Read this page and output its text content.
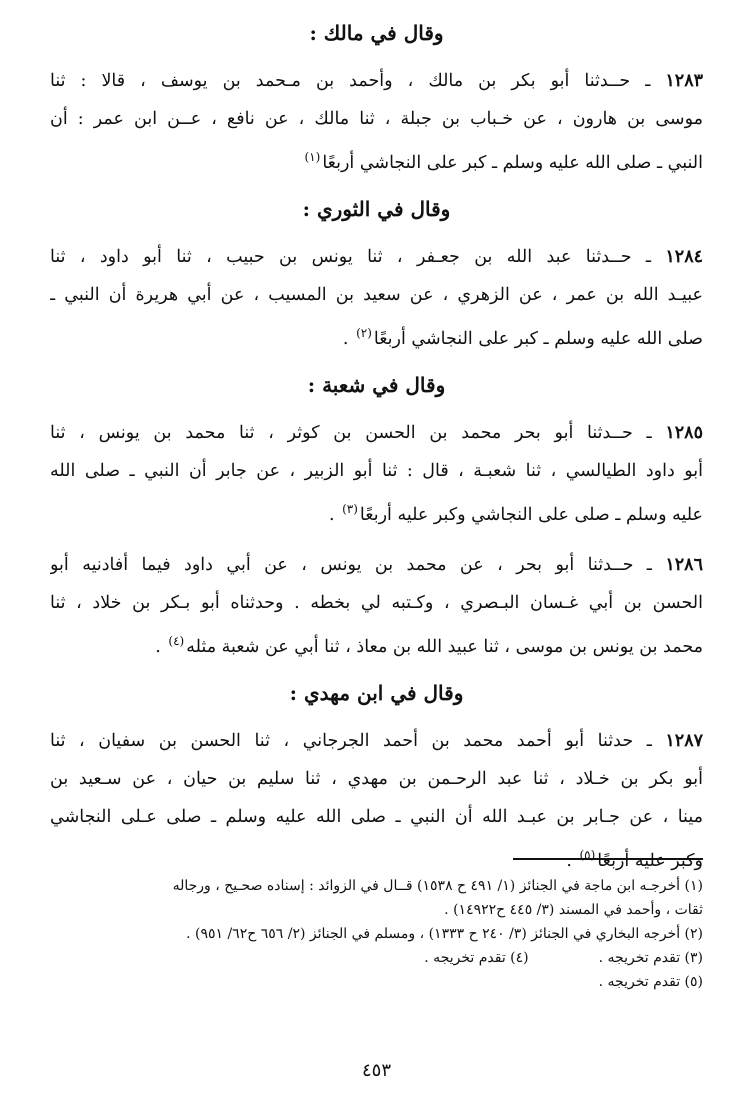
وقال في مالك :
١٢٨٣ ـ حــدثنا أبو بكر بن مالك ، وأحمد بن مـحمد بن يوسف ، قالا : ثنا
موسى بن هارون ، عن خـباب بن جبلة ، ثنا مالك ، عن نافع ، عــن ابن عمر : أن
النبي ـ صلى الله عليه وسلم ـ كبر على النجاشي أربعًا$^{(١)}$
وقال في الثوري :
١٢٨٤ ـ حــدثنا عبد الله بن جعـفر ، ثنا يونس بن حبيب ، ثنا أبو داود ، ثنا
عبيـد الله بن عمر ، عن الزهري ، عن سعيد بن المسيب ، عن أبي هريرة أن النبي ـ
صلى الله عليه وسلم ـ كبر على النجاشي أربعًا$^{(٢)}$ .
وقال في شعبة :
١٢٨٥ ـ حــدثنا أبو بحر محمد بن الحسن بن كوثر ، ثنا محمد بن يونس ، ثنا
أبو داود الطيالسي ، ثنا شعبـة ، قال : ثنا أبو الزبير ، عن جابر أن النبي ـ صلى الله
عليه وسلم ـ صلى على النجاشي وكبر عليه أربعًا$^{(٣)}$ .
١٢٨٦ ـ حــدثنا أبو بحر ، عن محمد بن يونس ، عن أبي داود فيما أفادنيه أبو
الحسن بن أبي غـسان البـصري ، وكـتبه لي بخطه . وحدثناه أبو بـكر بن خلاد ، ثنا
محمد بن يونس بن موسى ، ثنا عبيد الله بن معاذ ، ثنا أبي عن شعبة مثله$^{(٤)}$ .
وقال في ابن مهدي :
١٢٨٧ ـ حدثنا أبو أحمد محمد بن أحمد الجرجاني ، ثنا الحسن بن سفيان ، ثنا
أبو بكر بن خـلاد ، ثنا عبد الرحـمن بن مهدي ، ثنا سليم بن حيان ، عن سـعيد بن
مينا ، عن جـابر بن عبـد الله أن النبي ـ صلى الله عليه وسلم ـ صلى عـلى النجاشي
وكبر عليه أربعًا$^{(٥)}$ .
(١) أخرجـه ابن ماجة في الجنائز (١/ ٤٩١ ح ١٥٣٨) قــال في الزوائد : إسناده صحـيح ، ورجاله
ثقات ، وأحمد في المسند (٣/ ٤٤٥ ح١٤٩٢٢) .
(٢) أخرجه البخاري في الجنائز (٣/ ٢٤٠ ح ١٣٣٣) ، ومسلم في الجنائز (٢/ ٦٥٦ ح٦٢/ ٩٥١) .
(٣) تقدم تخريجه .
(٤) تقدم تخريجه .
(٥) تقدم تخريجه .
٤٥٣
